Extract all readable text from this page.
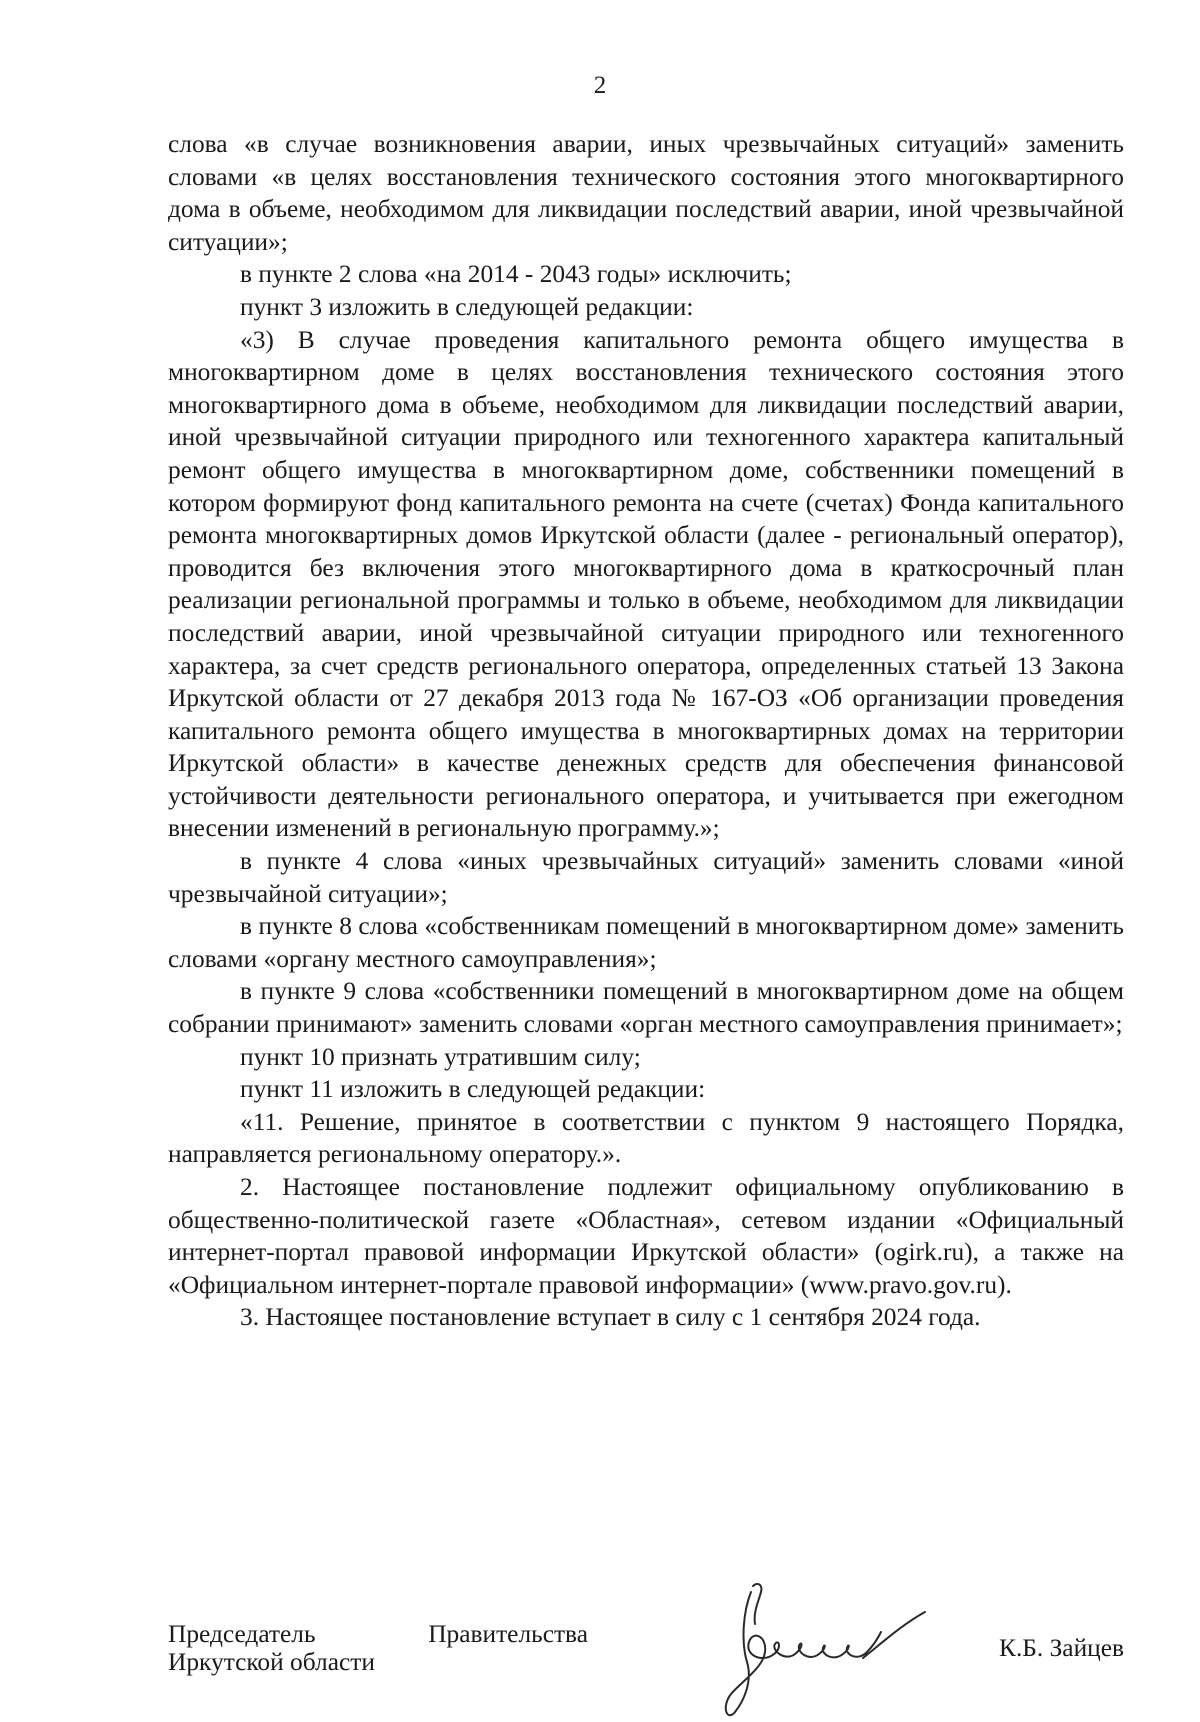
2

слова «в случае возникновения аварии, иных чрезвычайных ситуаций» заменить словами «в целях восстановления технического состояния этого многоквартирного дома в объеме, необходимом для ликвидации последствий аварии, иной чрезвычайной ситуации»;

в пункте 2 слова «на 2014 - 2043 годы» исключить;

пункт 3 изложить в следующей редакции:

«3) В случае проведения капитального ремонта общего имущества в многоквартирном доме в целях восстановления технического состояния этого многоквартирного дома в объеме, необходимом для ликвидации последствий аварии, иной чрезвычайной ситуации природного или техногенного характера капитальный ремонт общего имущества в многоквартирном доме, собственники помещений в котором формируют фонд капитального ремонта на счете (счетах) Фонда капитального ремонта многоквартирных домов Иркутской области (далее - региональный оператор), проводится без включения этого многоквартирного дома в краткосрочный план реализации региональной программы и только в объеме, необходимом для ликвидации последствий аварии, иной чрезвычайной ситуации природного или техногенного характера, за счет средств регионального оператора, определенных статьей 13 Закона Иркутской области от 27 декабря 2013 года № 167-ОЗ «Об организации проведения капитального ремонта общего имущества в многоквартирных домах на территории Иркутской области» в качестве денежных средств для обеспечения финансовой устойчивости деятельности регионального оператора, и учитывается при ежегодном внесении изменений в региональную программу.»;

в пункте 4 слова «иных чрезвычайных ситуаций» заменить словами «иной чрезвычайной ситуации»;

в пункте 8 слова «собственникам помещений в многоквартирном доме» заменить словами «органу местного самоуправления»;

в пункте 9 слова «собственники помещений в многоквартирном доме на общем собрании принимают» заменить словами «орган местного самоуправления принимает»;

пункт 10 признать утратившим силу;

пункт 11 изложить в следующей редакции:

«11. Решение, принятое в соответствии с пунктом 9 настоящего Порядка, направляется региональному оператору.».

2. Настоящее постановление подлежит официальному опубликованию в общественно-политической газете «Областная», сетевом издании «Официальный интернет-портал правовой информации Иркутской области» (ogirk.ru), а также на «Официальном интернет-портале правовой информации» (www.pravo.gov.ru).

3. Настоящее постановление вступает в силу с 1 сентября 2024 года.

Председатель	Правительства
Иркутской области	К.Б. Зайцев
